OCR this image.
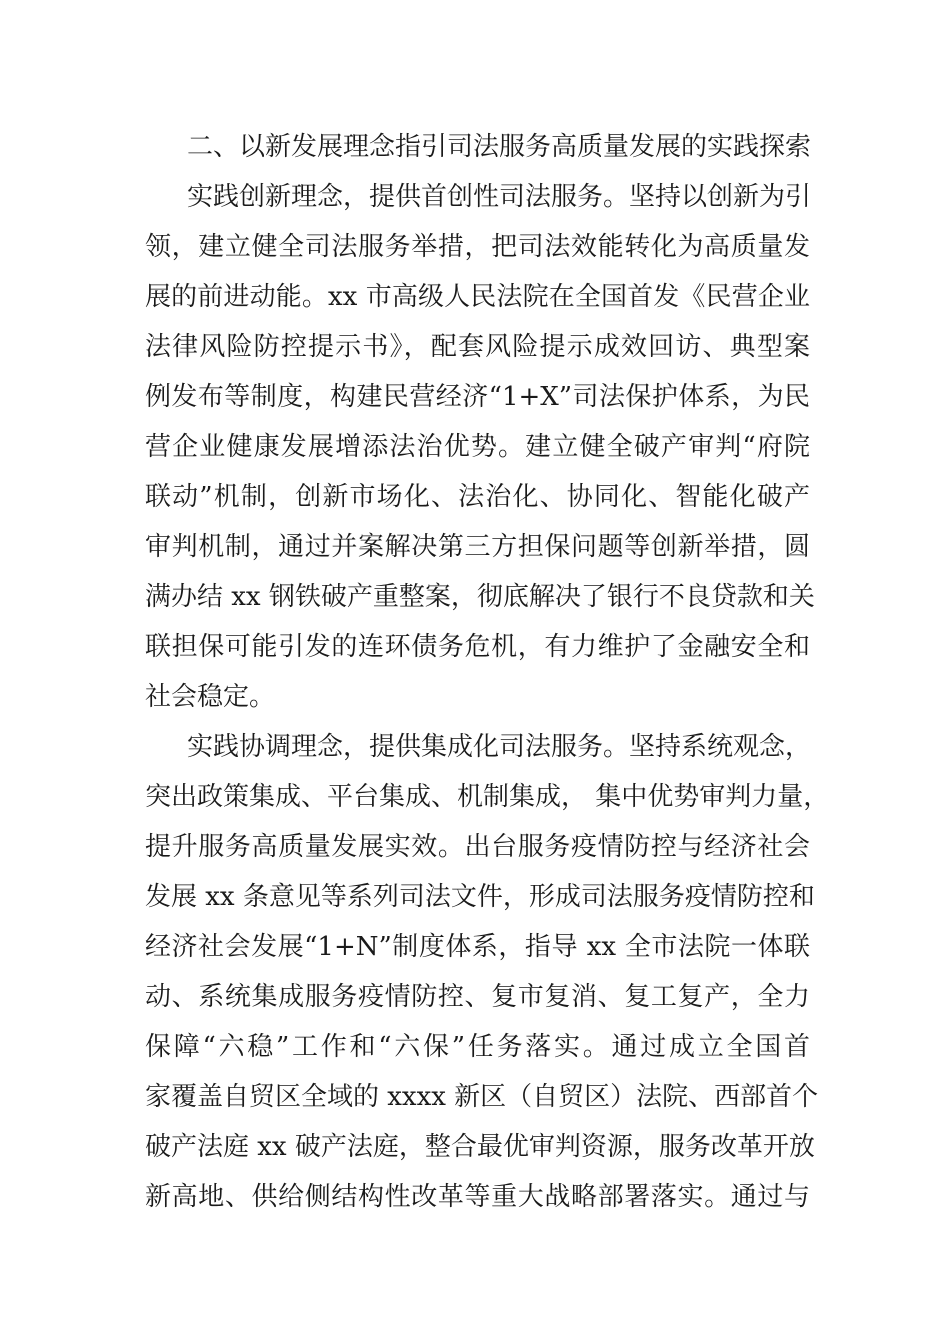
二、以新发展理念指引司法服务高质量发展的实践探索
实践创新理念，提供首创性司法服务。坚持以创新为引
领，建立健全司法服务举措，把司法效能转化为高质量发
展的前进动能。xx 市高级人民法院在全国首发《民营企业
法律风险防控提示书》，配套风险提示成效回访、典型案
例发布等制度，构建民营经济“1+X”司法保护体系，为民
营企业健康发展增添法治优势。建立健全破产审判“府院
联动”机制，创新市场化、法治化、协同化、智能化破产
审判机制，通过并案解决第三方担保问题等创新举措，圆
满办结 xx 钢铁破产重整案，彻底解决了银行不良贷款和关
联担保可能引发的连环债务危机，有力维护了金融安全和
社会稳定。
实践协调理念，提供集成化司法服务。坚持系统观念，
突出政策集成、平台集成、机制集成， 集中优势审判力量，
提升服务高质量发展实效。出台服务疫情防控与经济社会
发展 xx 条意见等系列司法文件，形成司法服务疫情防控和
经济社会发展“1+N”制度体系，指导 xx 全市法院一体联
动、系统集成服务疫情防控、复市复消、复工复产，全力
保障“六稳”工作和“六保”任务落实。通过成立全国首
家覆盖自贸区全域的 xxxx 新区（自贸区）法院、西部首个
破产法庭 xx 破产法庭，整合最优审判资源，服务改革开放
新高地、供给侧结构性改革等重大战略部署落实。通过与
